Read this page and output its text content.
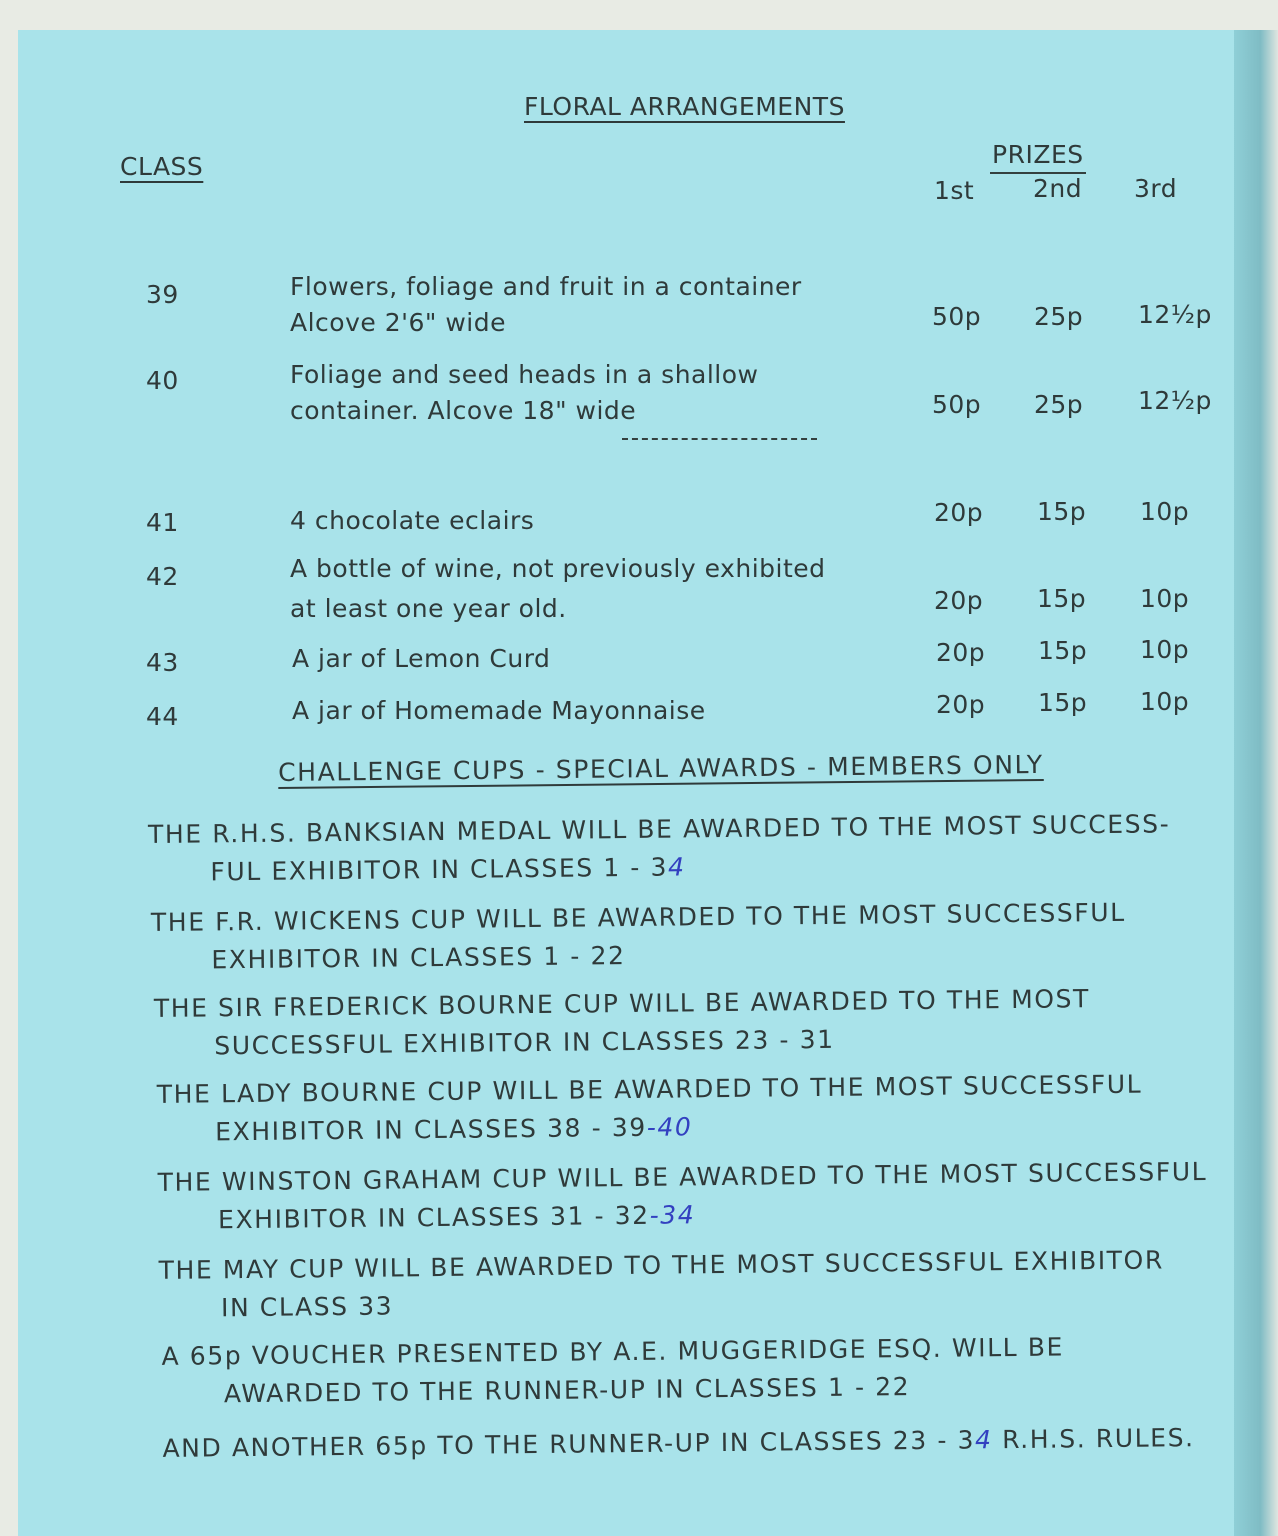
FLORAL ARRANGEMENTS
CLASS	PRIZES
1st 2nd 3rd
39	Flowers, foliage and fruit in a container
Alcove 2'6" wide	50p 25p 12½p
40	Foliage and seed heads in a shallow
container. Alcove 18" wide	50p 25p 12½p
41	4 chocolate eclairs	20p 15p 10p
42	A bottle of wine, not previously exhibited
at least one year old.	20p 15p 10p
43	A jar of Lemon Curd	20p 15p 10p
44	A jar of Homemade Mayonnaise	20p 15p 10p
CHALLENGE CUPS - SPECIAL AWARDS - MEMBERS ONLY
THE R.H.S. BANKSIAN MEDAL WILL BE AWARDED TO THE MOST SUCCESS-
FUL EXHIBITOR IN CLASSES 1 - 34
THE F.R. WICKENS CUP WILL BE AWARDED TO THE MOST SUCCESSFUL
EXHIBITOR IN CLASSES 1 - 22
THE SIR FREDERICK BOURNE CUP WILL BE AWARDED TO THE MOST
SUCCESSFUL EXHIBITOR IN CLASSES 23 - 31
THE LADY BOURNE CUP WILL BE AWARDED TO THE MOST SUCCESSFUL
EXHIBITOR IN CLASSES 38 - 39-40
THE WINSTON GRAHAM CUP WILL BE AWARDED TO THE MOST SUCCESSFUL
EXHIBITOR IN CLASSES 31 - 32-34
THE MAY CUP WILL BE AWARDED TO THE MOST SUCCESSFUL EXHIBITOR
IN CLASS 33
A 65p VOUCHER PRESENTED BY A.E. MUGGERIDGE ESQ. WILL BE
AWARDED TO THE RUNNER-UP IN CLASSES 1 - 22
AND ANOTHER 65p TO THE RUNNER-UP IN CLASSES 23 - 34 R.H.S. RULES.
